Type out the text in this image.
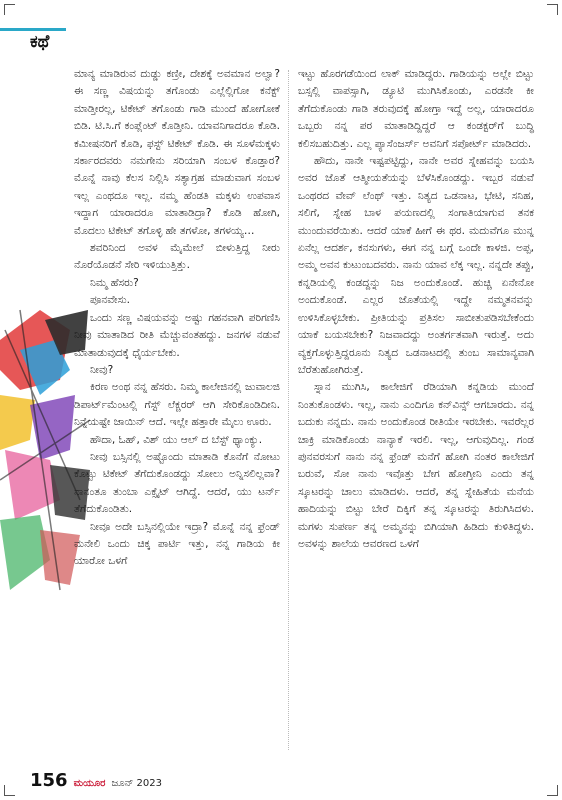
ಕಥೆ

ಮಾನ್ಯ ಮಾಡಿರುವ ದುಡ್ಡು ಕಣ್ರೀ, ದೇಶಕ್ಕೆ ಅವಮಾನ ಅಲ್ವಾ? ಈ ಸಣ್ಣ ವಿಷಯನ್ನು ತಗೊಂಡು ಎಲ್ಲೆಲ್ಲಿಗೋ ಕನೆಕ್ಟ್ ಮಾಡ್ತೀರಲ್ಲ, ಟಿಕೇಟ್ ತಗೊಂಡು ಗಾಡಿ ಮುಂದೆ ಹೋಗೋಕೆ ಬಿಡಿ. ಟಿ.ಸಿ.ಗೆ ಕಂಪ್ಲೆಂಟ್ ಕೊಡ್ತೀನಿ. ಯಾವನಿಗಾದರೂ ಕೊಡಿ. ಕಮೀಷನರಿಗೆ ಕೊಡಿ, ಫಸ್ಟ್ ಟಿಕೇಟ್ ಕೊಡಿ. ಈ ಸೂಳೆಮಕ್ಕಳು ಸರ್ಕಾರದವರು ನಮಗೇನು ಸರಿಯಾಗಿ ಸಂಬಳ ಕೊಡ್ತಾರ? ಮೊನ್ನೆ ನಾವು ಕೆಲಸ ನಿಲ್ಲಿಸಿ ಸತ್ಯಾಗ್ರಹ ಮಾಡುವಾಗ ಸಂಬಳ ಇಲ್ಲ ಎಂಥದೂ ಇಲ್ಲ. ನಮ್ಮ ಹೆಂಡತಿ ಮಕ್ಕಳು ಉಪವಾಸ ಇದ್ದಾಗ ಯಾರಾದರೂ ಮಾತಾಡಿದ್ರಾ? ಕೊಡಿ ಹೋಗಿ, ಮೊದಲು ಟಿಕೇಟ್ ತಗೊಳ್ಳಿ ಹೇ ತಗಳೋ, ತಗಳಯ್ಯ…

ಶವರಿನಿಂದ ಅವಳ ಮೈಮೇಲೆ ಬೀಳುತ್ತಿದ್ದ ನೀರು ನೊರೆಯೊಡನೆ ಸೇರಿ ಇಳಿಯುತ್ತಿತ್ತು.

ನಿಮ್ಮ ಹೆಸರು?

ಪೂನವೇಸು.

ಒಂದು ಸಣ್ಣ ವಿಷಯವನ್ನು ಅಷ್ಟು ಗಹನವಾಗಿ ಪರಿಗಣಿಸಿ ನೀವು ಮಾತಾಡಿದ ರೀತಿ ಮೆಚ್ಚುವಂತಹದ್ದು. ಜನಗಳ ನಡುವೆ ಮಾತಾಡುವುದಕ್ಕೆ ಧೈರ್ಯಬೇಕು.

ನೀವು?

ಕಿರಣ ಅಂಥ ನನ್ನ ಹೆಸರು. ನಿಮ್ಮ ಕಾಲೇಜಿನಲ್ಲಿ ಜುವಾಲಜಿ ಡಿಪಾರ್ಟ್‌ಮೆಂಟಲ್ಲಿ ಗೆಸ್ಟ್ ಲೆಕ್ಚರರ್ ಆಗಿ ಸೇರಿಕೊಂಡಿದೀನಿ. ನಿನ್ನೆಯಷ್ಟೇ ಜಾಯಿನ್ ಆದೆ. ಇಲ್ಲೇ ಹತ್ತಾರೇ ಮೈಲು ಊರು.

ಹೌದಾ, ಓಹ್, ವಿಶ್ ಯು ಆಲ್ ದ ಬೆಸ್ಟ್ ಥ್ಯಾಂಕ್ಯು.

ನೀವು ಬಸ್ಸಿನಲ್ಲಿ ಅಷ್ಟೊಂದು ಮಾತಾಡಿ ಕೊನೆಗೆ ನೋಟು ಕೊಟ್ಟು ಟಿಕೇಟ್ ತೆಗೆದುಕೊಂಡದ್ದು ಸೋಲು ಅನ್ನಿಸಲಿಲ್ಲವಾ? ನಾನಂತೂ ತುಂಬಾ ಎಕ್ಸೈಟ್ ಆಗಿದ್ದೆ. ಆದರೆ, ಯು ಟರ್ನ್ ತೆಗೆದುಕೊಂಡಿತು.

ನೀವೂ ಅದೇ ಬಸ್ಸಿನಲ್ಲಿಯೇ ಇದ್ರಾ? ಮೊನ್ನೆ ನನ್ನ ಫ್ರೆಂಡ್ ಮನೇಲಿ ಒಂದು ಚಿಕ್ಕ ಪಾರ್ಟಿ ಇತ್ತು, ನನ್ನ ಗಾಡಿಯ ಕೀ ಯಾರೋ ಒಳಗೆ

ಇಟ್ಟು ಹೊರಗಡೆಯಿಂದ ಲಾಕ್ ಮಾಡಿದ್ದರು. ಗಾಡಿಯನ್ನು ಅಲ್ಲೇ ಬಿಟ್ಟು ಬಸ್ಸಲ್ಲಿ ವಾಪಸ್ಸಾಗಿ, ಡ್ಯೂಟಿ ಮುಗಿಸಿಕೊಂಡು, ಎರಡನೇ ಕೀ ತೆಗೆದುಕೊಂಡು ಗಾಡಿ ತರುವುದಕ್ಕೆ ಹೋಗ್ತಾ ಇದ್ದೆ ಅಲ್ಲ, ಯಾರಾದರೂ ಒಬ್ಬರು ನನ್ನ ಪರ ಮಾತಾಡಿದ್ದಿದ್ದರೆ ಆ ಕಂಡಕ್ಟರ್‌ಗೆ ಬುದ್ಧಿ ಕಲಿಸಬಹುದಿತ್ತು. ಎಲ್ಲ ಪ್ಯಾಸೆಂಜರ್ಸ್ ಅವನಿಗೆ ಸಪೋರ್ಟ್ ಮಾಡಿದರು.

ಹೌದು, ನಾನೇ ಇಷ್ಟಪಟ್ಟಿದ್ದು, ನಾನೇ ಅವರ ಸ್ನೇಹವನ್ನು ಬಯಸಿ ಅವರ ಜೊತೆ ಆತ್ಮೀಯತೆಯನ್ನು ಬೆಳೆಸಿಕೊಂಡದ್ದು. ಇಬ್ಬರ ನಡುವೆ ಒಂಥರದ ವೇವ್ ಲೆಂಥ್ ಇತ್ತು. ನಿತ್ಯದ ಒಡನಾಟ, ಭೇಟಿ, ಸನಿಹ, ಸಲಿಗೆ, ಸ್ನೇಹ ಬಾಳ ಪಯಣದಲ್ಲಿ ಸಂಗಾತಿಯಾಗುವ ತನಕ ಮುಂದುವರೆಯಿತು. ಆದರೆ ಯಾಕೆ ಹೀಗೆ ಈ ಥರ. ಮದುವೆಗೂ ಮುನ್ನ ಏನೆಲ್ಲ ಆದರ್ಶ, ಕನಸುಗಳು, ಈಗ ನನ್ನ ಬಗ್ಗೆ ಒಂದೇ ಕಾಳಜಿ. ಅಪ್ಪ, ಅಮ್ಮ ಅವನ ಕುಟುಂಬದವರು. ನಾನು ಯಾವ ಲೆಕ್ಕ ಇಲ್ಲ. ನನ್ನದೇ ತಪ್ಪು, ಕನ್ನಡಿಯಲ್ಲಿ ಕಂಡದ್ದನ್ನು ನಿಜ ಅಂದುಕೊಂಡೆ. ಹುಚ್ಚಿ ಏನೇನೋ ಅಂದುಕೊಂಡೆ. ಎಲ್ಲರ ಜೊತೆಯಲ್ಲಿ ಇದ್ದೇ ನಮ್ಮತನವನ್ನು ಉಳಿಸಿಕೊಳ್ಳಬೇಕು. ಪ್ರೀತಿಯನ್ನು ಪ್ರತಿಸಲ ಸಾಬೀತುಪಡಿಸಬೇಕೆಂದು ಯಾಕೆ ಬಯಸಬೇಕು? ನಿಜವಾದದ್ದು ಅಂತರ್ಗತವಾಗಿ ಇರುತ್ತೆ. ಅದು ವ್ಯಕ್ತಗೊಳ್ಳುತ್ತಿದ್ದರೂನು ನಿತ್ಯದ ಒಡನಾಟದಲ್ಲಿ ತುಂಬ ಸಾಮಾನ್ಯವಾಗಿ ಬೆರೆತುಹೋಗಿರುತ್ತೆ.

ಸ್ನಾನ ಮುಗಿಸಿ, ಕಾಲೇಜಿಗೆ ರೆಡಿಯಾಗಿ ಕನ್ನಡಿಯ ಮುಂದೆ ನಿಂತುಕೊಂಡಳು. ಇಲ್ಲ, ನಾನು ಎಂದಿಗೂ ಕನ್‌ವಿನ್ಸ್ ಆಗಬಾರದು. ನನ್ನ ಬದುಕು ನನ್ನದು. ನಾನು ಅಂದುಕೊಂಡ ರೀತಿಯೇ ಇರಬೇಕು. ಇವರೆಲ್ಲರ ಚಾಕ್ರಿ ಮಾಡಿಕೊಂಡು ನಾನ್ಯಾಕೆ ಇರಲಿ. ಇಲ್ಲ, ಆಗುವುದಿಲ್ಲ. ಗಂಡ ಪುನವರಸುಗೆ ನಾನು ನನ್ನ ಫ್ರೆಂಡ್ ಮನೆಗೆ ಹೋಗಿ ನಂತರ ಕಾಲೇಜಿಗೆ ಬರುವೆ, ಸೋ ನಾನು ಇವೊತ್ತು ಬೇಗ ಹೋಗ್ತೀನಿ ಎಂದು ತನ್ನ ಸ್ಕೂಟರನ್ನು ಚಾಲು ಮಾಡಿದಳು. ಆದರೆ, ತನ್ನ ಸ್ನೇಹಿತೆಯ ಮನೆಯ ಹಾದಿಯನ್ನು ಬಿಟ್ಟು ಬೇರೆ ದಿಕ್ಕಿಗೆ ತನ್ನ ಸ್ಕೂಟರನ್ನು ತಿರುಗಿಸಿದಳು. ಮಗಳು ಸುಪರ್ಣ ತನ್ನ ಅಮ್ಮನನ್ನು ಬಿಗಿಯಾಗಿ ಹಿಡಿದು ಕುಳಿತಿದ್ದಳು. ಅವಳನ್ನು ಶಾಲೆಯ ಆವರಣದ ಒಳಗೆ

156 ಮಯೂರ ಜೂನ್ 2023
